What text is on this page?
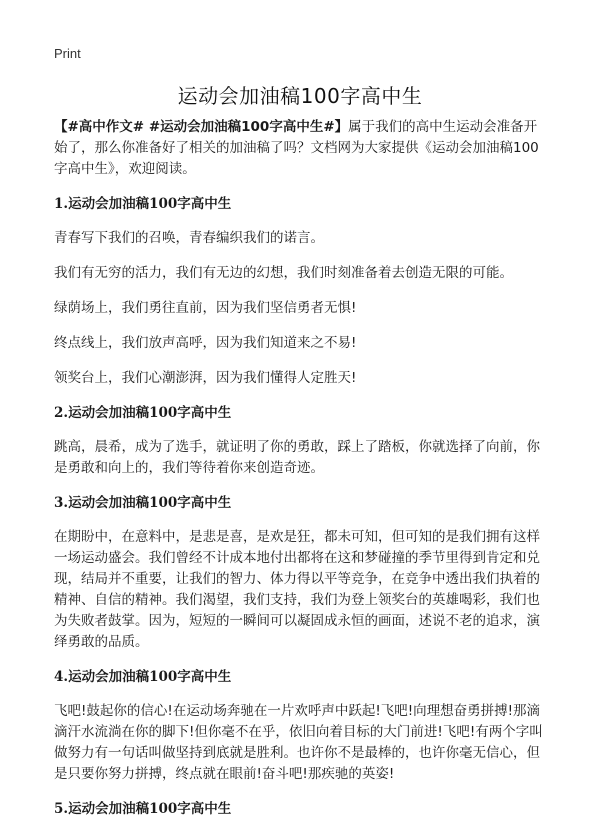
Print
运动会加油稿100字高中生

【#高中作文# #运动会加油稿100字高中生#】属于我们的高中生运动会准备开始了，那么你准备好了相关的加油稿了吗？文档网为大家提供《运动会加油稿100字高中生》，欢迎阅读。

1.运动会加油稿100字高中生

青春写下我们的召唤，青春编织我们的诺言。

我们有无穷的活力，我们有无边的幻想，我们时刻准备着去创造无限的可能。

绿荫场上，我们勇往直前，因为我们坚信勇者无惧!

终点线上，我们放声高呼，因为我们知道来之不易!

领奖台上，我们心潮澎湃，因为我们懂得人定胜天!

2.运动会加油稿100字高中生

跳高，晨希，成为了选手，就证明了你的勇敢，踩上了踏板，你就选择了向前，你是勇敢和向上的，我们等待着你来创造奇迹。

3.运动会加油稿100字高中生

在期盼中，在意料中，是悲是喜，是欢是狂，都未可知，但可知的是我们拥有这样一场运动盛会。我们曾经不计成本地付出都将在这和梦碰撞的季节里得到肯定和兑现，结局并不重要，让我们的智力、体力得以平等竞争，在竞争中透出我们执着的精神、自信的精神。我们渴望，我们支持，我们为登上领奖台的英雄喝彩，我们也为失败者鼓掌。因为，短短的一瞬间可以凝固成永恒的画面，述说不老的追求，演绎勇敢的品质。

4.运动会加油稿100字高中生

飞吧!鼓起你的信心!在运动场奔驰在一片欢呼声中跃起!飞吧!向理想奋勇拼搏!那滴滴汗水流淌在你的脚下!但你毫不在乎，依旧向着目标的大门前进!飞吧!有两个字叫做努力有一句话叫做坚持到底就是胜利。也许你不是最棒的，也许你毫无信心，但是只要你努力拼搏，终点就在眼前!奋斗吧!那疾驰的英姿!

5.运动会加油稿100字高中生
